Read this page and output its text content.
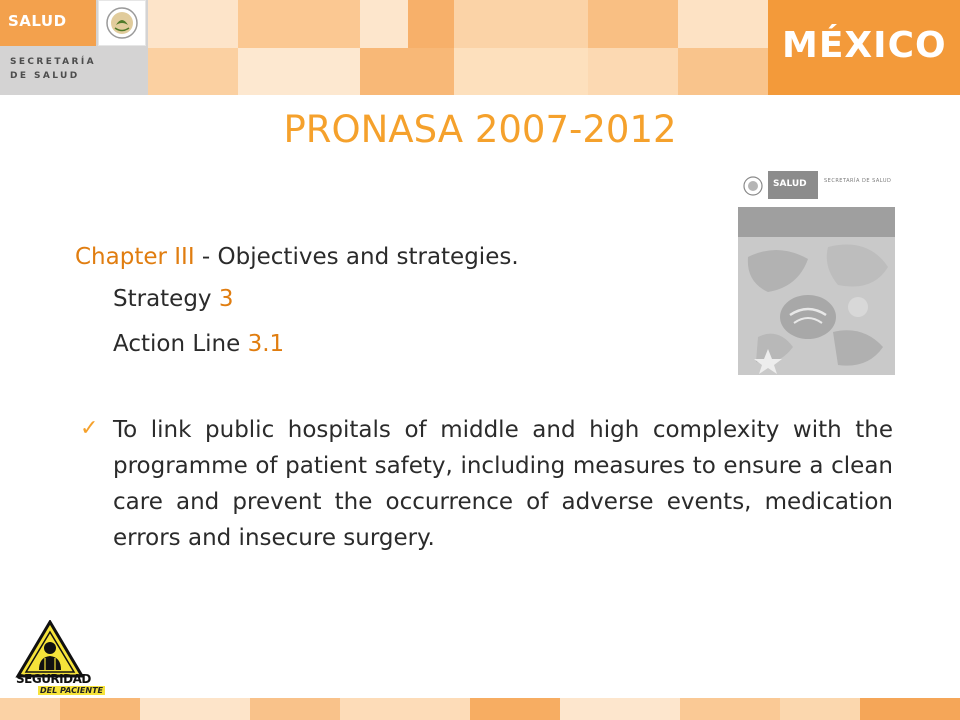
SALUD
SECRETARÍA
DE SALUD
MÉXICO
PRONASA 2007-2012
SALUD	SECRETARÍA DE SALUD
Chapter III - Objectives and strategies.
Strategy 3
Action Line 3.1
✓ To link public hospitals of middle and high complexity with the programme of patient safety, including measures to ensure a clean care and prevent the occurrence of adverse events, medication errors and insecure surgery.
SEGURIDAD
DEL PACIENTE
